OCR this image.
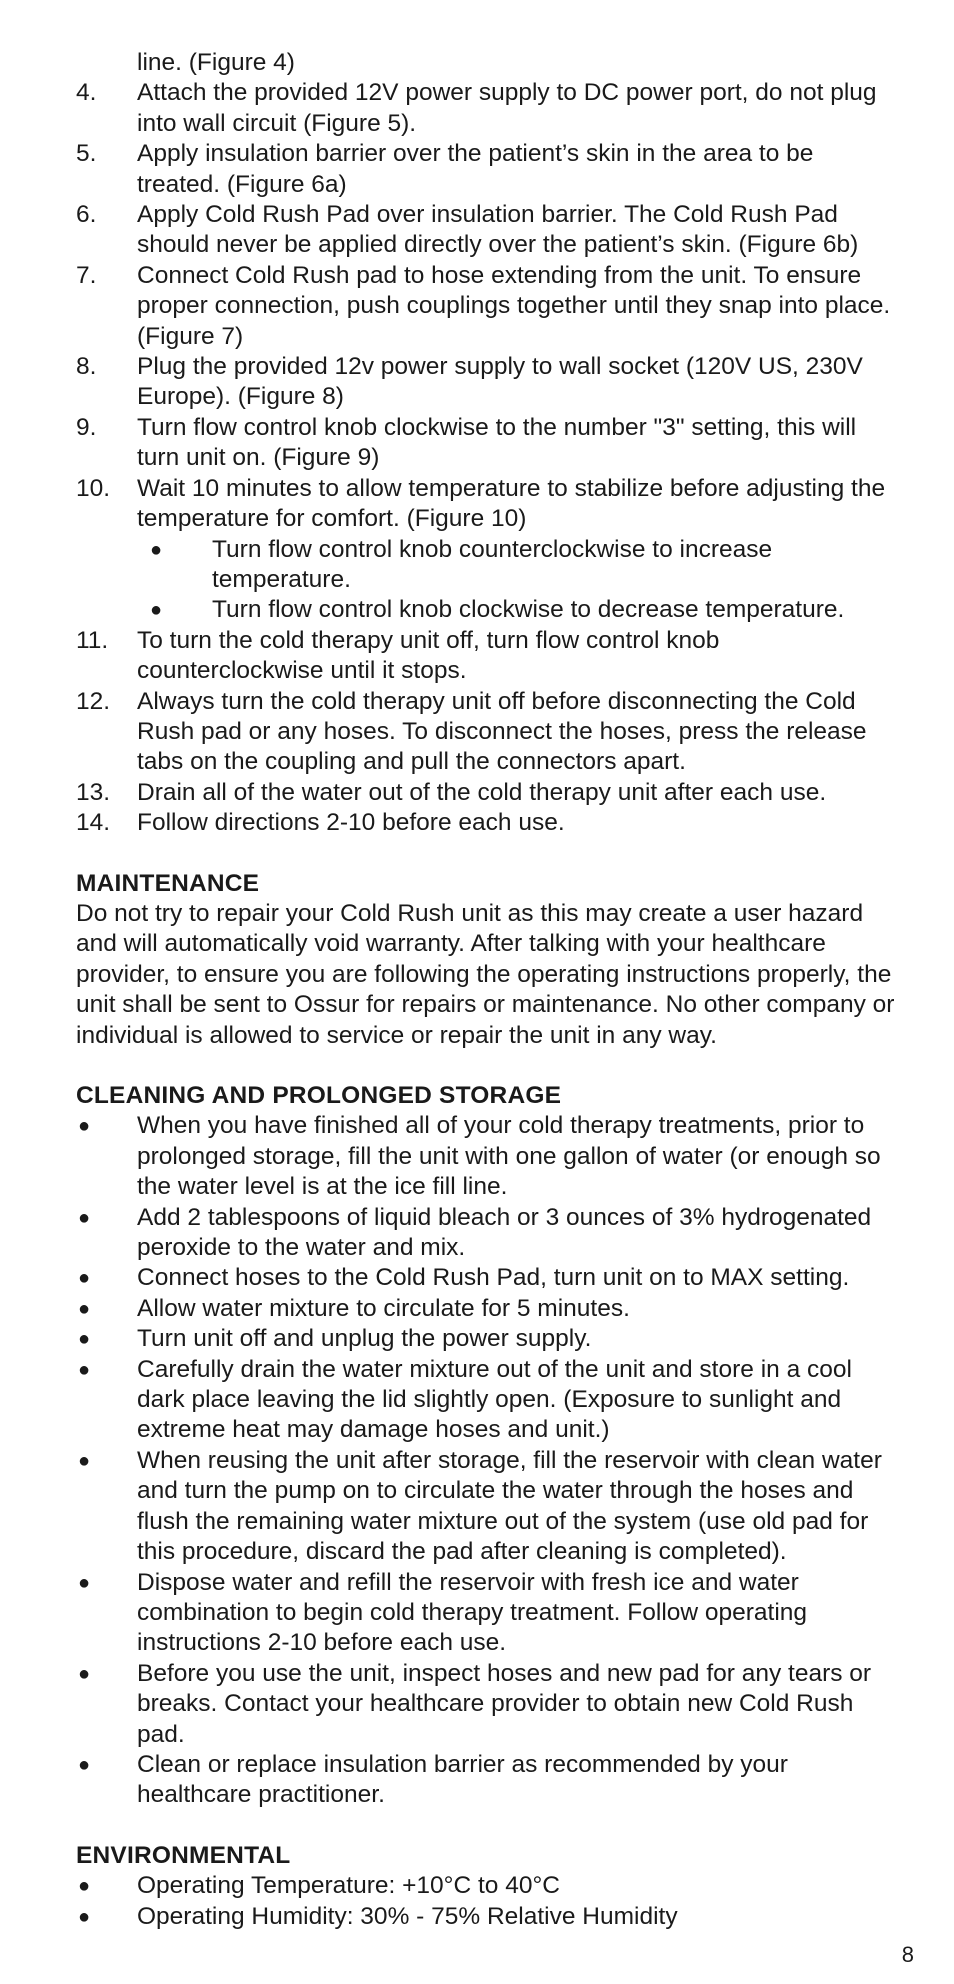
line. (Figure 4)
4.	Attach the provided 12V power supply to DC power port, do not plug into wall circuit (Figure 5).
5.	Apply insulation barrier over the patient’s skin in the area to be treated. (Figure 6a)
6.	Apply Cold Rush Pad over insulation barrier. The Cold Rush Pad should never be applied directly over the patient’s skin. (Figure 6b)
7.	Connect Cold Rush pad to hose extending from the unit. To ensure proper connection, push couplings together until they snap into place. (Figure 7)
8.	Plug the provided 12v power supply to wall socket (120V US, 230V Europe). (Figure 8)
9.	Turn flow control knob clockwise to the number "3" setting, this will turn unit on. (Figure 9)
10.	Wait 10 minutes to allow temperature to stabilize before adjusting the temperature for comfort. (Figure 10)
● Turn flow control knob counterclockwise to increase temperature.
● Turn flow control knob clockwise to decrease temperature.
11.	To turn the cold therapy unit off, turn flow control knob counterclockwise until it stops.
12.	Always turn the cold therapy unit off before disconnecting the Cold Rush pad or any hoses. To disconnect the hoses, press the release tabs on the coupling and pull the connectors apart.
13.	Drain all of the water out of the cold therapy unit after each use.
14.	Follow directions 2-10 before each use.
MAINTENANCE
Do not try to repair your Cold Rush unit as this may create a user hazard and will automatically void warranty. After talking with your healthcare provider, to ensure you are following the operating instructions properly, the unit shall be sent to Ossur for repairs or maintenance. No other company or individual is allowed to service or repair the unit in any way.
CLEANING AND PROLONGED STORAGE
● When you have finished all of your cold therapy treatments, prior to prolonged storage, fill the unit with one gallon of water (or enough so the water level is at the ice fill line.
● Add 2 tablespoons of liquid bleach or 3 ounces of 3% hydrogenated peroxide to the water and mix.
● Connect hoses to the Cold Rush Pad, turn unit on to MAX setting.
● Allow water mixture to circulate for 5 minutes.
● Turn unit off and unplug the power supply.
● Carefully drain the water mixture out of the unit and store in a cool dark place leaving the lid slightly open. (Exposure to sunlight and extreme heat may damage hoses and unit.)
● When reusing the unit after storage, fill the reservoir with clean water and turn the pump on to circulate the water through the hoses and flush the remaining water mixture out of the system (use old pad for this procedure, discard the pad after cleaning is completed).
● Dispose water and refill the reservoir with fresh ice and water combination to begin cold therapy treatment. Follow operating instructions 2-10 before each use.
● Before you use the unit, inspect hoses and new pad for any tears or breaks. Contact your healthcare provider to obtain new Cold Rush pad.
● Clean or replace insulation barrier as recommended by your healthcare practitioner.
ENVIRONMENTAL
● Operating Temperature: +10°C to 40°C
● Operating Humidity: 30% - 75% Relative Humidity
8
